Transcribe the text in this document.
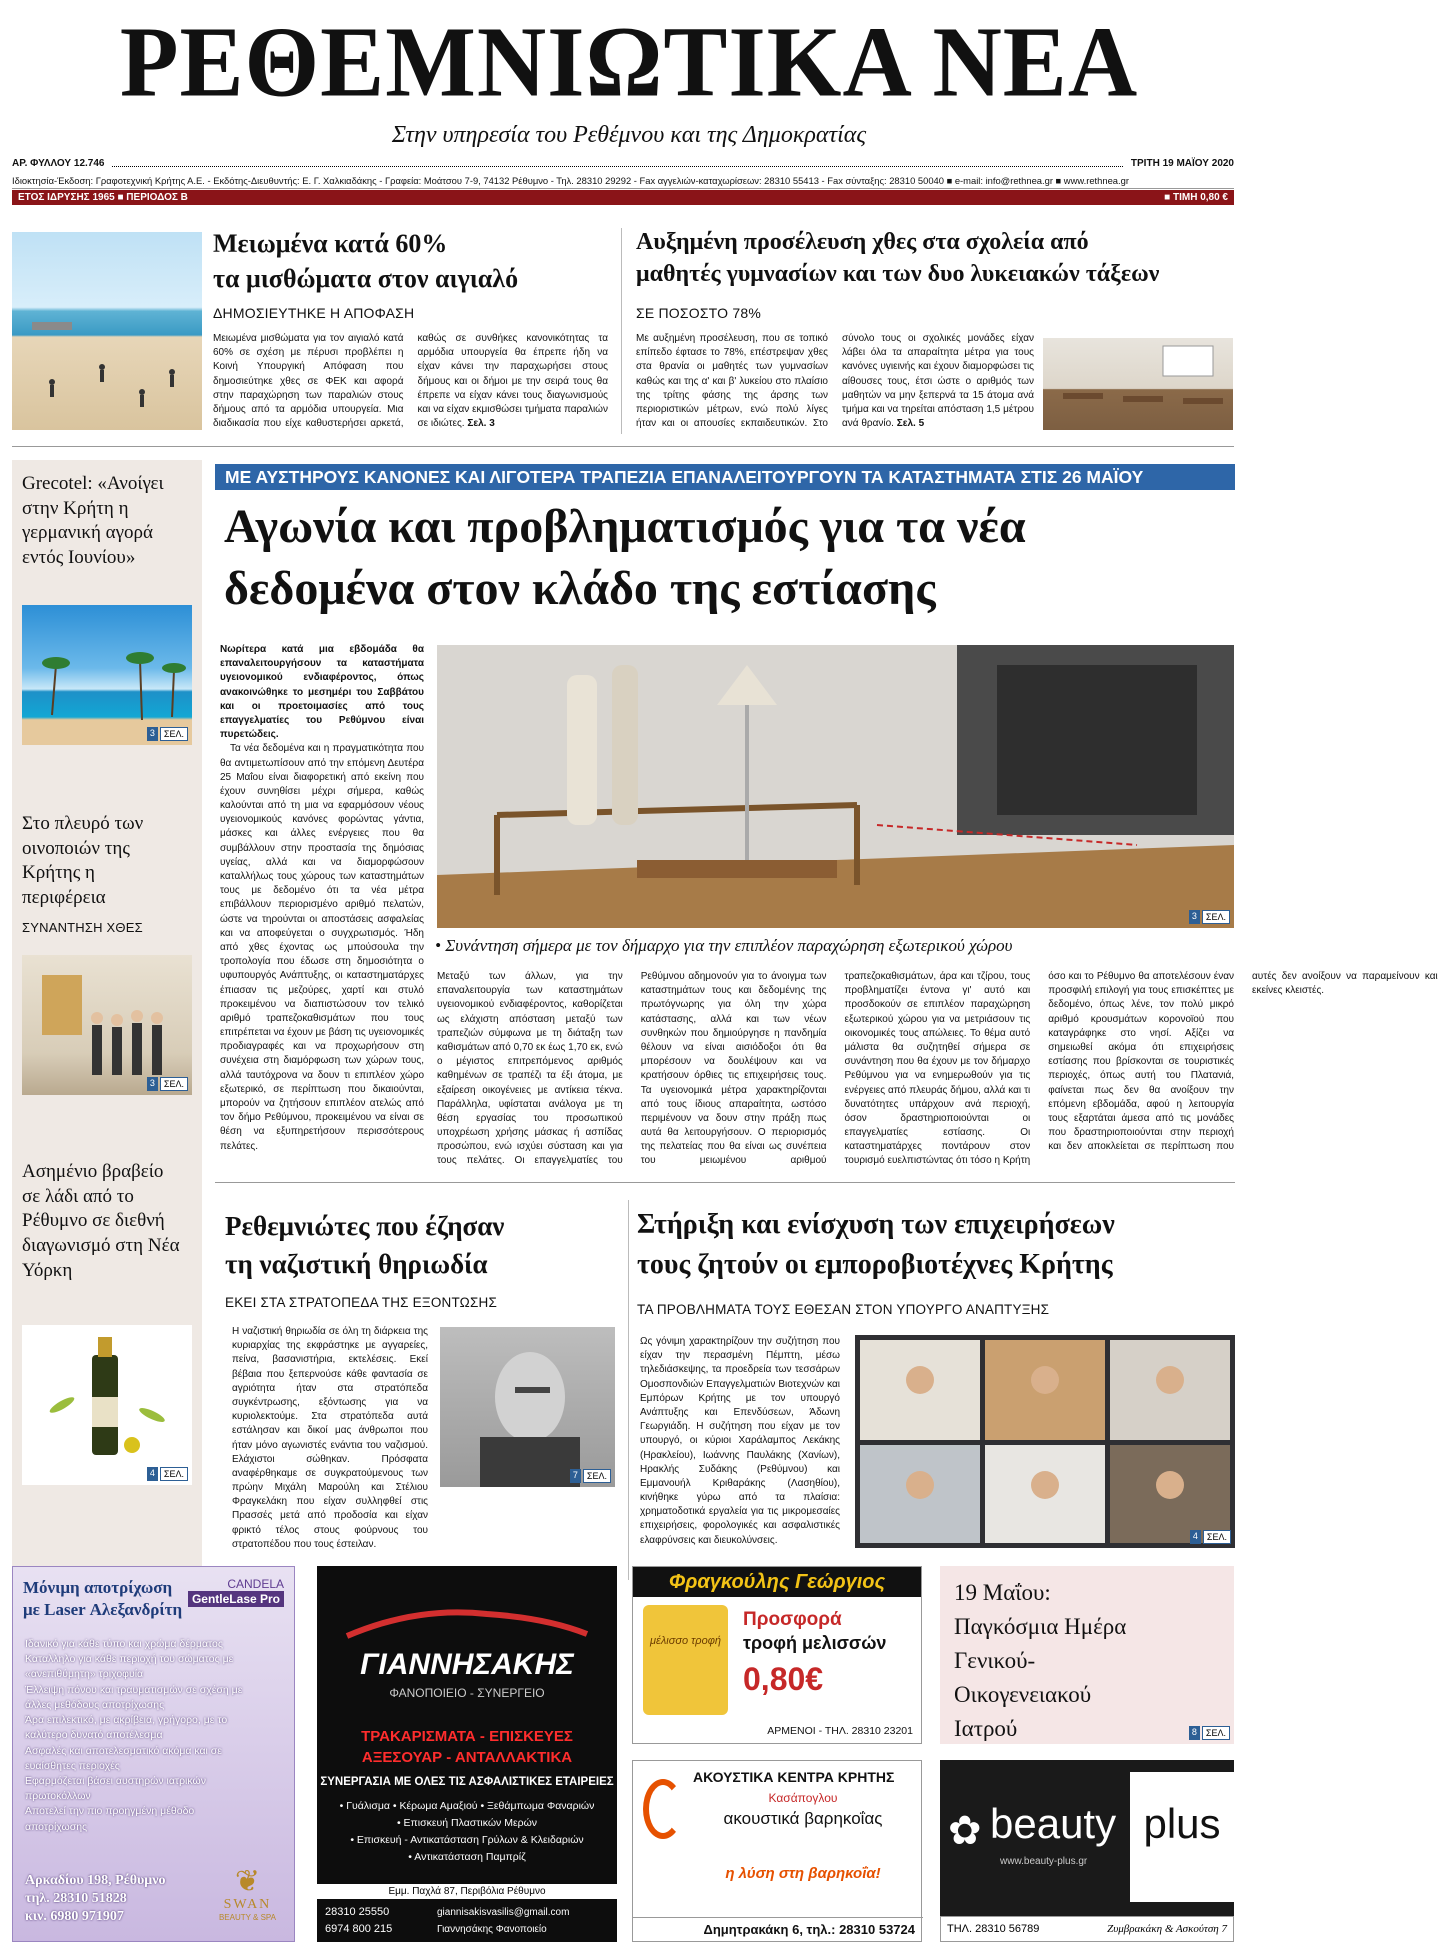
ΡΕΘΕΜΝΙΩΤΙΚΑ ΝΕΑ
Στην υπηρεσία του Ρεθέμνου και της Δημοκρατίας
ΑΡ. ΦΥΛΛΟΥ 12.746	ΤΡΙΤΗ 19 ΜΑΪΟΥ 2020
Ιδιοκτησία-Έκδοση: Γραφοτεχνική Κρήτης Α.Ε. - Εκδότης-Διευθυντής: Ε. Γ. Χαλκιαδάκης - Γραφεία: Μοάτσου 7-9, 74132 Ρέθυμνο - Τηλ. 28310 29292 - Fax αγγελιών-καταχωρίσεων: 28310 55413 - Fax σύνταξης: 28310 50040 ■ e-mail: info@rethnea.gr ■ www.rethnea.gr
ΕΤΟΣ ΙΔΡΥΣΗΣ 1965 ■ ΠΕΡΙΟΔΟΣ Β	■ ΤΙΜΗ 0,80 €
Μειωμένα κατά 60%
τα μισθώματα στον αιγιαλό
ΔΗΜΟΣΙΕΥΤΗΚΕ Η ΑΠΟΦΑΣΗ
Μειωμένα μισθώματα για τον αιγιαλό κατά 60% σε σχέση με πέρυσι προβλέπει η Κοινή Υπουργική Απόφαση που δημοσιεύτηκε χθες σε ΦΕΚ και αφορά στην παραχώρηση των παραλιών στους δήμους από τα αρμόδια υπουργεία. Μια διαδικασία που είχε καθυστερήσει αρκετά, καθώς σε συνθήκες κανονικότητας τα αρμόδια υπουργεία θα έπρεπε ήδη να είχαν κάνει την παραχωρήσει στους δήμους και οι δήμοι με την σειρά τους θα έπρεπε να είχαν κάνει τους διαγωνισμούς και να είχαν εκμισθώσει τμήματα παραλιών σε ιδιώτες. Σελ. 3
Αυξημένη προσέλευση χθες στα σχολεία από
μαθητές γυμνασίων και των δυο λυκειακών τάξεων
ΣΕ ΠΟΣΟΣΤΟ 78%
Με αυξημένη προσέλευση, που σε τοπικό επίπεδο έφτασε το 78%, επέστρεψαν χθες στα θρανία οι μαθητές των γυμνασίων καθώς και της α' και β' λυκείου στο πλαίσιο της τρίτης φάσης της άρσης των περιοριστικών μέτρων, ενώ πολύ λίγες ήταν και οι απουσίες εκπαιδευτικών. Στο σύνολο τους οι σχολικές μονάδες είχαν λάβει όλα τα απαραίτητα μέτρα για τους κανόνες υγιεινής και έχουν διαμορφώσει τις αίθουσες τους, έτσι ώστε ο αριθμός των μαθητών να μην ξεπερνά τα 15 άτομα ανά τμήμα και να τηρείται απόσταση 1,5 μέτρου ανά θρανίο. Σελ. 5
Grecotel: «Ανοίγει στην Κρήτη η γερμανική αγορά εντός Ιουνίου»
3	ΣΕΛ.
Στο πλευρό των οινοποιών της Κρήτης η περιφέρεια
ΣΥΝΑΝΤΗΣΗ ΧΘΕΣ
3	ΣΕΛ.
Ασημένιο βραβείο σε λάδι από το Ρέθυμνο σε διεθνή διαγωνισμό στη Νέα Υόρκη
4	ΣΕΛ.
ΜΕ ΑΥΣΤΗΡΟΥΣ ΚΑΝΟΝΕΣ ΚΑΙ ΛΙΓΟΤΕΡΑ ΤΡΑΠΕΖΙΑ ΕΠΑΝΑΛΕΙΤΟΥΡΓΟΥΝ ΤΑ ΚΑΤΑΣΤΗΜΑΤΑ ΣΤΙΣ 26 ΜΑΪΟΥ
Αγωνία και προβληματισμός για τα νέα
δεδομένα στον κλάδο της εστίασης

Νωρίτερα κατά μια εβδομάδα θα επαναλειτουργήσουν τα καταστήματα υγειονομικού ενδιαφέροντος, όπως ανακοινώθηκε το μεσημέρι του Σαββάτου και οι προετοιμασίες από τους επαγγελματίες του Ρεθύμνου είναι πυρετώδεις.

Τα νέα δεδομένα και η πραγματικότητα που θα αντιμετωπίσουν από την επόμενη Δευτέρα 25 Μαΐου είναι διαφορετική από εκείνη που έχουν συνηθίσει μέχρι σήμερα, καθώς καλούνται από τη μια να εφαρμόσουν νέους υγειονομικούς κανόνες φορώντας γάντια, μάσκες και άλλες ενέργειες που θα συμβάλλουν στην προστασία της δημόσιας υγείας, αλλά και να διαμορφώσουν καταλλήλως τους χώρους των καταστημάτων τους με δεδομένο ότι τα νέα μέτρα επιβάλλουν περιορισμένο αριθμό πελατών, ώστε να τηρούνται οι αποστάσεις ασφαλείας και να αποφεύγεται ο συγχρωτισμός. Ήδη από χθες έχοντας ως μπούσουλα την τροπολογία που έδωσε στη δημοσιότητα ο υφυπουργός Ανάπτυξης, οι καταστηματάρχες έπιασαν τις μεζούρες, χαρτί και στυλό προκειμένου να διαπιστώσουν τον τελικό αριθμό τραπεζοκαθισμάτων που τους επιτρέπεται να έχουν με βάση τις υγειονομικές προδιαγραφές και να προχωρήσουν στη συνέχεια στη διαμόρφωση των χώρων τους, αλλά ταυτόχρονα να δουν τι επιπλέον χώρο εξωτερικό, σε περίπτωση που δικαιούνται, μπορούν να ζητήσουν επιπλέον ατελώς από τον δήμο Ρεθύμνου, προκειμένου να είναι σε θέση να εξυπηρετήσουν περισσότερους πελάτες.

3	ΣΕΛ.
• Συνάντηση σήμερα με τον δήμαρχο για την επιπλέον παραχώρηση εξωτερικού χώρου
Μεταξύ των άλλων, για την επαναλειτουργία των καταστημάτων υγειονομικού ενδιαφέροντος, καθορίζεται ως ελάχιστη απόσταση μεταξύ των τραπεζιών σύμφωνα με τη διάταξη των καθισμάτων από 0,70 εκ έως 1,70 εκ, ενώ ο μέγιστος επιτρεπόμενος αριθμός καθημένων σε τραπέζι τα έξι άτομα, με εξαίρεση οικογένειες με αντίκεια τέκνα. Παράλληλα, υφίσταται ανάλογα με τη θέση εργασίας του προσωπικού υποχρέωση χρήσης μάσκας ή ασπίδας προσώπου, ενώ ισχύει σύσταση και για τους πελάτες. Οι επαγγελματίες του Ρεθύμνου αδημονούν για το άνοιγμα των καταστημάτων τους και δεδομένης της πρωτόγνωρης για όλη την χώρα κατάστασης, αλλά και των νέων συνθηκών που δημιούργησε η πανδημία θέλουν να είναι αισιόδοξοι ότι θα μπορέσουν να δουλέψουν και να κρατήσουν όρθιες τις επιχειρήσεις τους. Τα υγειονομικά μέτρα χαρακτηρίζονται από τους ίδιους απαραίτητα, ωστόσο περιμένουν να δουν στην πράξη πως αυτά θα λειτουργήσουν. Ο περιορισμός της πελατείας που θα είναι ως συνέπεια του μειωμένου αριθμού τραπεζοκαθισμάτων, άρα και τζίρου, τους προβληματίζει έντονα γι' αυτό και προσδοκούν σε επιπλέον παραχώρηση εξωτερικού χώρου για να μετριάσουν τις οικονομικές τους απώλειες. Το θέμα αυτό μάλιστα θα συζητηθεί σήμερα σε συνάντηση που θα έχουν με τον δήμαρχο Ρεθύμνου για να ενημερωθούν για τις ενέργειες από πλευράς δήμου, αλλά και τι δυνατότητες υπάρχουν ανά περιοχή, όσον δραστηριοποιούνται οι επαγγελματίες εστίασης. Οι καταστηματάρχες ποντάρουν στον τουρισμό ευελπιστώντας ότι τόσο η Κρήτη όσο και το Ρέθυμνο θα αποτελέσουν έναν προσφιλή επιλογή για τους επισκέπτες με δεδομένο, όπως λένε, τον πολύ μικρό αριθμό κρουσμάτων κορονοϊού που καταγράφηκε στο νησί. Αξίζει να σημειωθεί ακόμα ότι επιχειρήσεις εστίασης που βρίσκονται σε τουριστικές περιοχές, όπως αυτή του Πλατανιά, φαίνεται πως δεν θα ανοίξουν την επόμενη εβδομάδα, αφού η λειτουργία τους εξαρτάται άμεσα από τις μονάδες που δραστηριοποιούνται στην περιοχή και δεν αποκλείεται σε περίπτωση που αυτές δεν ανοίξουν να παραμείνουν και εκείνες κλειστές.
Ρεθεμνιώτες που έζησαν
τη ναζιστική θηριωδία
ΕΚΕΙ ΣΤΑ ΣΤΡΑΤΟΠΕΔΑ ΤΗΣ ΕΞΟΝΤΩΣΗΣ
Η ναζιστική θηριωδία σε όλη τη διάρκεια της κυριαρχίας της εκφράστηκε με αγγαρείες, πείνα, βασανιστήρια, εκτελέσεις. Εκεί βέβαια που ξεπερνούσε κάθε φαντασία σε αγριότητα ήταν στα στρατόπεδα συγκέντρωσης, εξόντωσης για να κυριολεκτούμε. Στα στρατόπεδα αυτά εστάλησαν και δικοί μας άνθρωποι που ήταν μόνο αγωνιστές ενάντια του ναζισμού. Ελάχιστοι σώθηκαν. Πρόσφατα αναφέρθηκαμε σε συγκρατούμενους των πρώην Μιχάλη Μαρούλη και Στέλιου Φραγκελάκη που είχαν συλληφθεί στις Πρασσές μετά από προδοσία και είχαν φρικτό τέλος στους φούρνους του στρατοπέδου που τους έστειλαν.
7	ΣΕΛ.
Στήριξη και ενίσχυση των επιχειρήσεων
τους ζητούν οι εμποροβιοτέχνες Κρήτης
ΤΑ ΠΡΟΒΛΗΜΑΤΑ ΤΟΥΣ ΕΘΕΣΑΝ ΣΤΟΝ ΥΠΟΥΡΓΟ ΑΝΑΠΤΥΞΗΣ
Ως γόνιμη χαρακτηρίζουν την συζήτηση που είχαν την περασμένη Πέμπτη, μέσω τηλεδιάσκεψης, τα προεδρεία των τεσσάρων Ομοσπονδιών Επαγγελματιών Βιοτεχνών και Εμπόρων Κρήτης με τον υπουργό Ανάπτυξης και Επενδύσεων, Άδωνη Γεωργιάδη. Η συζήτηση που είχαν με τον υπουργό, οι κύριοι Χαράλαμπος Λεκάκης (Ηρακλείου), Ιωάννης Παυλάκης (Χανίων), Ηρακλής Συδάκης (Ρεθύμνου) και Εμμανουήλ Κριθαράκης (Λασηθίου), κινήθηκε γύρω από τα πλαίσια: χρηματοδοτικά εργαλεία για τις μικρομεσαίες επιχειρήσεις, φορολογικές και ασφαλιστικές ελαφρύνσεις και διευκολύνσεις.	4	ΣΕΛ.
Μόνιμη αποτρίχωση
με Laser Αλεξανδρίτη
CANDELA
GentleLase Pro
Ιδανικό για κάθε τύπο και χρώμα δέρματος
Καταλληλο για κάθε περιοχή του σώματος με «ανεπιθύμητη» τριχοφυία
Έλλειψη πόνου και τραυματισμών σε σχέση με άλλες μεθόδους αποτρίχωσης
Άρα επιλεκτικό, με ακρίβεια, γρήγορο, με το καλύτερο δυνατό αποτέλεσμα
Ασφαλές και αποτελεσματικό ακόμα και σε ευαίσθητες περιοχές
Εφαρμόζεται βάσει αυστηρών ιατρικών πρωτοκόλλων
Αποτελεί την πιο προηγμένη μέθοδο αποτρίχωσης
Αρκαδίου 198, Ρέθυμνο
τηλ. 28310 51828
κιν. 6980 971907
❦
SWAN
BEAUTY & SPA
ΓΙΑΝΝΗΣΑΚΗΣ
ΦΑΝΟΠΟΙΕΙΟ - ΣΥΝΕΡΓΕΙΟ
ΤΡΑΚΑΡΙΣΜΑΤΑ - ΕΠΙΣΚΕΥΕΣ
ΑΞΕΣΟΥΑΡ - ΑΝΤΑΛΛΑΚΤΙΚΑ
ΣΥΝΕΡΓΑΣΙΑ ΜΕ ΟΛΕΣ ΤΙΣ ΑΣΦΑΛΙΣΤΙΚΕΣ ΕΤΑΙΡΕΙΕΣ
• Γυάλισμα • Κέρωμα Αμαξιού • Ξεθάμπωμα Φαναριών
• Επισκευή Πλαστικών Μερών
• Επισκευή - Αντικατάσταση Γρύλων & Κλειδαριών
• Αντικατάσταση Παμπρίζ
Εμμ. Παχλά 87, Περιβόλια Ρέθυμνο
28310 25550
6974 800 215
giannisakisvasilis@gmail.com
Γιαννησάκης Φανοποιείο
Φραγκούλης Γεώργιος
μέλισσο τροφή
Προσφορά
τροφή μελισσών
0,80€
ΑΡΜΕΝΟΙ - ΤΗΛ. 28310 23201
ΑΚΟΥΣΤΙΚΑ ΚΕΝΤΡΑ ΚΡΗΤΗΣ
Κασάπογλου
ακουστικά βαρηκοΐας
η λύση στη βαρηκοΐα!
Δημητρακάκη 6, τηλ.: 28310 53724
19 Μαΐου: Παγκόσμια Ημέρα Γενικού-Οικογενειακού Ιατρού	8	ΣΕΛ.
✿ beauty plus
www.beauty-plus.gr
ΤΗΛ. 28310 56789	Ζυμβρακάκη & Ασκούτση 7
